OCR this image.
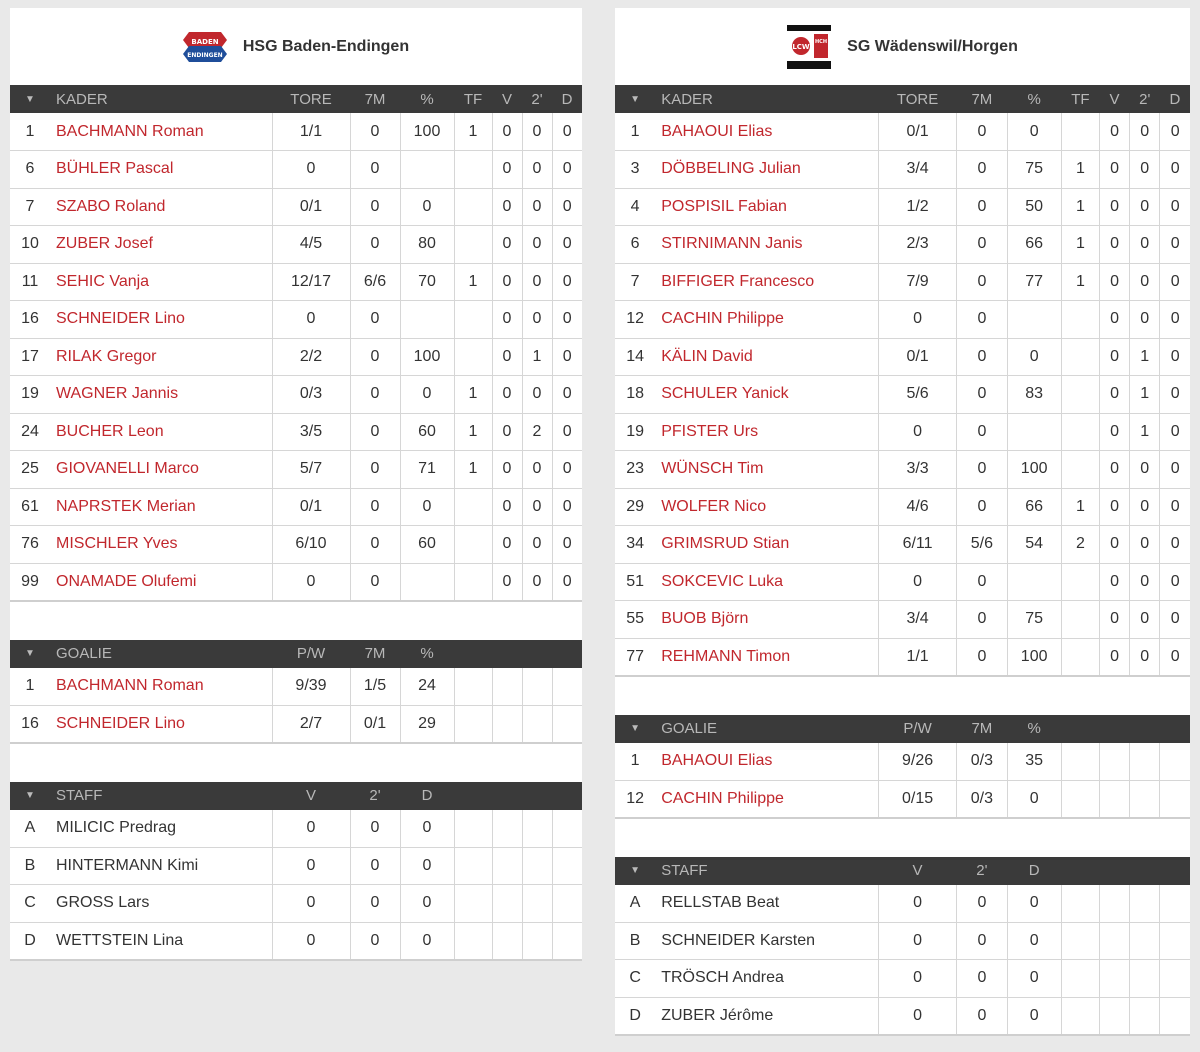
BADEN
ENDINGEN
HSG Baden-Endingen
▼	KADER	TORE	7M	%	TF	V	2'	D
1	BACHMANN Roman	1/1	0	100	1	0	0	0
6	BÜHLER Pascal	0	0			0	0	0
7	SZABO Roland	0/1	0	0		0	0	0
10	ZUBER Josef	4/5	0	80		0	0	0
11	SEHIC Vanja	12/17	6/6	70	1	0	0	0
16	SCHNEIDER Lino	0	0			0	0	0
17	RILAK Gregor	2/2	0	100		0	1	0
19	WAGNER Jannis	0/3	0	0	1	0	0	0
24	BUCHER Leon	3/5	0	60	1	0	2	0
25	GIOVANELLI Marco	5/7	0	71	1	0	0	0
61	NAPRSTEK Merian	0/1	0	0		0	0	0
76	MISCHLER Yves	6/10	0	60		0	0	0
99	ONAMADE Olufemi	0	0			0	0	0
▼	GOALIE	P/W	7M	%				
1	BACHMANN Roman	9/39	1/5	24				
16	SCHNEIDER Lino	2/7	0/1	29				
▼	STAFF	V	2'	D				
A	MILICIC Predrag	0	0	0				
B	HINTERMANN Kimi	0	0	0				
C	GROSS Lars	0	0	0				
D	WETTSTEIN Lina	0	0	0				
LCW
HCH SG Wädenswil/Horgen
▼	KADER	TORE	7M	%	TF	V	2'	D
1	BAHAOUI Elias	0/1	0	0		0	0	0
3	DÖBBELING Julian	3/4	0	75	1	0	0	0
4	POSPISIL Fabian	1/2	0	50	1	0	0	0
6	STIRNIMANN Janis	2/3	0	66	1	0	0	0
7	BIFFIGER Francesco	7/9	0	77	1	0	0	0
12	CACHIN Philippe	0	0			0	0	0
14	KÄLIN David	0/1	0	0		0	1	0
18	SCHULER Yanick	5/6	0	83		0	1	0
19	PFISTER Urs	0	0			0	1	0
23	WÜNSCH Tim	3/3	0	100		0	0	0
29	WOLFER Nico	4/6	0	66	1	0	0	0
34	GRIMSRUD Stian	6/11	5/6	54	2	0	0	0
51	SOKCEVIC Luka	0	0			0	0	0
55	BUOB Björn	3/4	0	75		0	0	0
77	REHMANN Timon	1/1	0	100		0	0	0
▼	GOALIE	P/W	7M	%				
1	BAHAOUI Elias	9/26	0/3	35				
12	CACHIN Philippe	0/15	0/3	0				
▼	STAFF	V	2'	D				
A	RELLSTAB Beat	0	0	0				
B	SCHNEIDER Karsten	0	0	0				
C	TRÖSCH Andrea	0	0	0				
D	ZUBER Jérôme	0	0	0				
